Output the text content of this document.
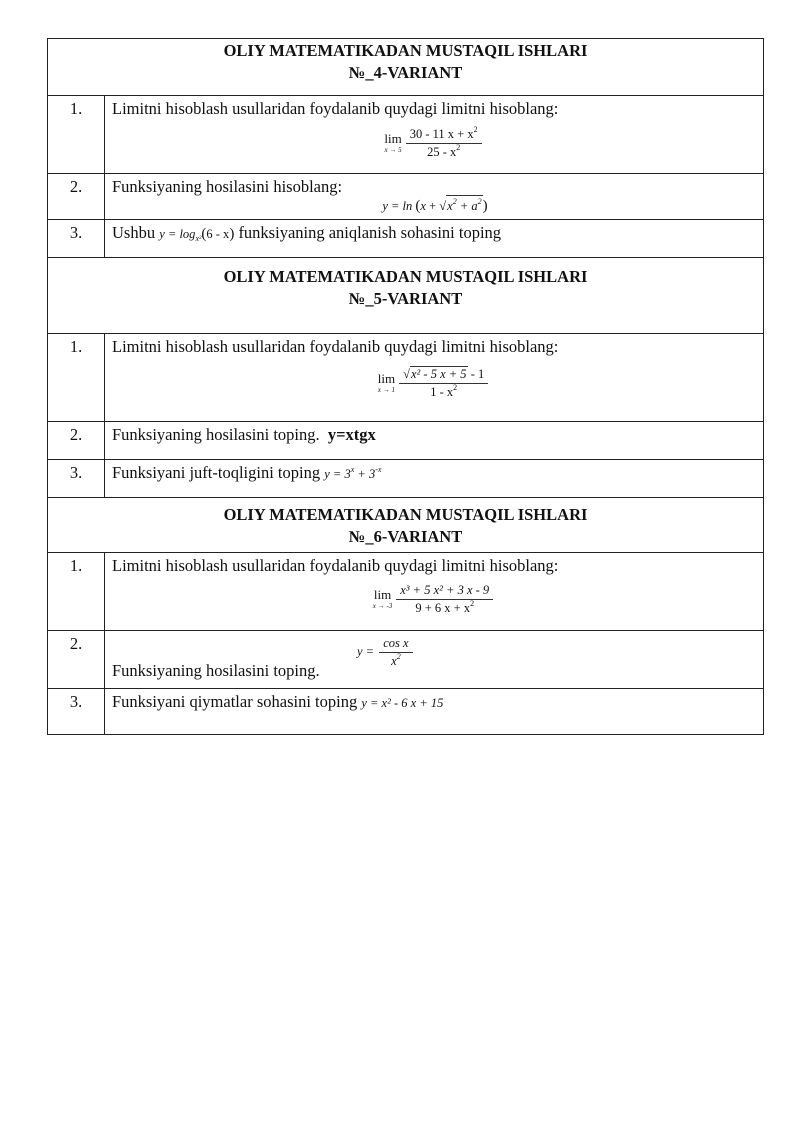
OLIY MATEMATIKADAN MUSTAQIL ISHLARI
№_4-VARIANT	

1.	Limitni hisoblash usullaridan foydalanib quydagi limitni hisoblang:
lim
$x \to 5 \frac{30 - 11 x + x^2}{25 - x^2}$

2.	Funksiyaning hosilasini hisoblang:
$y = \ln (x + √x^2 + a^2)$

3.	Ushbu $y = \log_{x^2}(6 - x)$ funksiyaning aniqlanish sohasini toping

OLIY MATEMATIKADAN MUSTAQIL ISHLARI
№_5-VARIANT	

1.	Limitni hisoblash usullaridan foydalanib quydagi limitni hisoblang:
lim
$x \to 1 \frac{\text{√x² - 5 x + 5 - 1}}{1 - x^2}$

2.	Funksiyaning hosilasini toping. y=xtgx
3.	Funksiyani juft-toqligini toping $y = 3^x + 3^{-x}$

OLIY MATEMATIKADAN MUSTAQIL ISHLARI
№_6-VARIANT	

1.	Limitni hisoblash usullaridan foydalanib quydagi limitni hisoblang:
lim
$x \to -3 \frac{\text{x³ + 5 x² + 3 x - 9}}{9 + 6 x + x^2}$

2.	Funksiyaning hosilasini toping.
$y = \frac{\text{cos x}}{x^2}$

3.	Funksiyani qiymatlar sohasini toping y = x² - 6 x + 15
